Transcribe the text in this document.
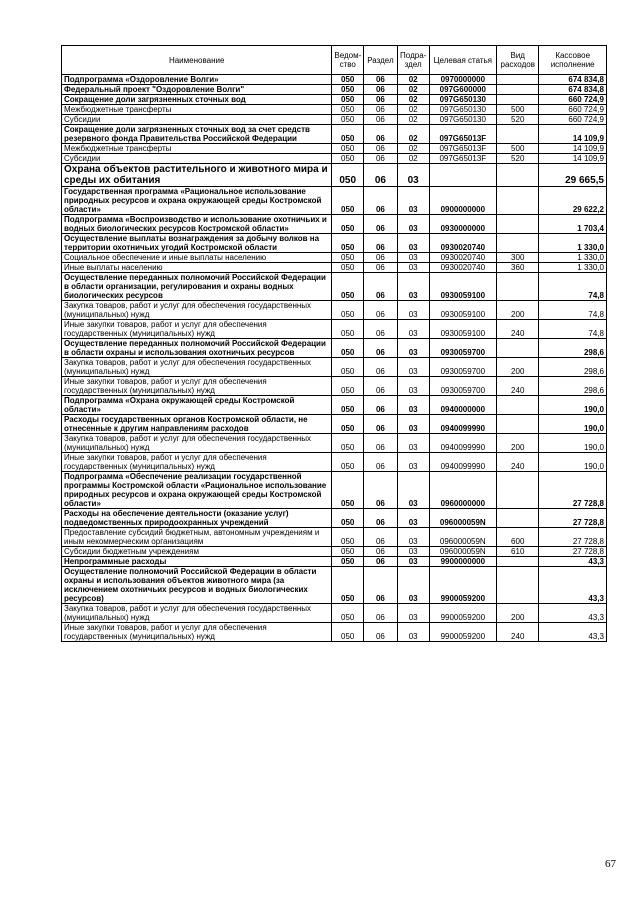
Наименование	Ведом-ство	Раздел	Подра-здел	Целевая статья	Вид расходов	Кассовое исполнение
Подпрограмма «Оздоровление Волги»	050	06	02	0970000000		674 834,8
Федеральный проект "Оздоровление Волги"	050	06	02	097G600000		674 834,8
Сокращение доли загрязненных сточных вод	050	06	02	097G650130		660 724,9
Межбюджетные трансферты	050	06	02	097G650130	500	660 724,9
Субсидии	050	06	02	097G650130	520	660 724,9
Сокращение доли загрязненных сточных вод за счет средств резервного фонда Правительства Российской Федерации	050	06	02	097G65013F		14 109,9
Межбюджетные трансферты	050	06	02	097G65013F	500	14 109,9
Субсидии	050	06	02	097G65013F	520	14 109,9
Охрана объектов растительного и животного мира и среды их обитания	050	06	03			29 665,5
Государственная программа «Рациональное использование природных ресурсов и охрана окружающей среды Костромской области»	050	06	03	0900000000		29 622,2
Подпрограмма «Воспроизводство и использование охотничьих и водных биологических ресурсов Костромской области»	050	06	03	0930000000		1 703,4
Осуществление выплаты вознаграждения за добычу волков на территории охотничьих угодий Костромской области	050	06	03	0930020740		1 330,0
Социальное обеспечение и иные выплаты населению	050	06	03	0930020740	300	1 330,0
Иные выплаты населению	050	06	03	0930020740	360	1 330,0
Осуществление переданных полномочий Российской Федерации в области организации, регулирования и охраны водных биологических ресурсов	050	06	03	0930059100		74,8
Закупка товаров, работ и услуг для обеспечения государственных (муниципальных) нужд	050	06	03	0930059100	200	74,8
Иные закупки товаров, работ и услуг для обеспечения государственных (муниципальных) нужд	050	06	03	0930059100	240	74,8
Осуществление переданных полномочий Российской Федерации в области охраны и использования охотничьих ресурсов	050	06	03	0930059700		298,6
Закупка товаров, работ и услуг для обеспечения государственных (муниципальных) нужд	050	06	03	0930059700	200	298,6
Иные закупки товаров, работ и услуг для обеспечения государственных (муниципальных) нужд	050	06	03	0930059700	240	298,6
Подпрограмма «Охрана окружающей среды Костромской области»	050	06	03	0940000000		190,0
Расходы государственных органов Костромской области, не отнесенные к другим направлениям расходов	050	06	03	0940099990		190,0
Закупка товаров, работ и услуг для обеспечения государственных (муниципальных) нужд	050	06	03	0940099990	200	190,0
Иные закупки товаров, работ и услуг для обеспечения государственных (муниципальных) нужд	050	06	03	0940099990	240	190,0
Подпрограмма «Обеспечение реализации государственной программы Костромской области «Рациональное использование природных ресурсов и охрана окружающей среды Костромской области»	050	06	03	0960000000		27 728,8
Расходы на обеспечение деятельности (оказание услуг) подведомственных природоохранных учреждений	050	06	03	096000059N		27 728,8
Предоставление субсидий бюджетным, автономным учреждениям и иным некоммерческим организациям	050	06	03	096000059N	600	27 728,8
Субсидии бюджетным учреждениям	050	06	03	096000059N	610	27 728,8
Непрограммные расходы	050	06	03	9900000000		43,3
Осуществление полномочий Российской Федерации в области охраны и использования объектов животного мира (за исключением охотничьих ресурсов и водных биологических ресурсов)	050	06	03	9900059200		43,3
Закупка товаров, работ и услуг для обеспечения государственных (муниципальных) нужд	050	06	03	9900059200	200	43,3
Иные закупки товаров, работ и услуг для обеспечения государственных (муниципальных) нужд	050	06	03	9900059200	240	43,3
67
